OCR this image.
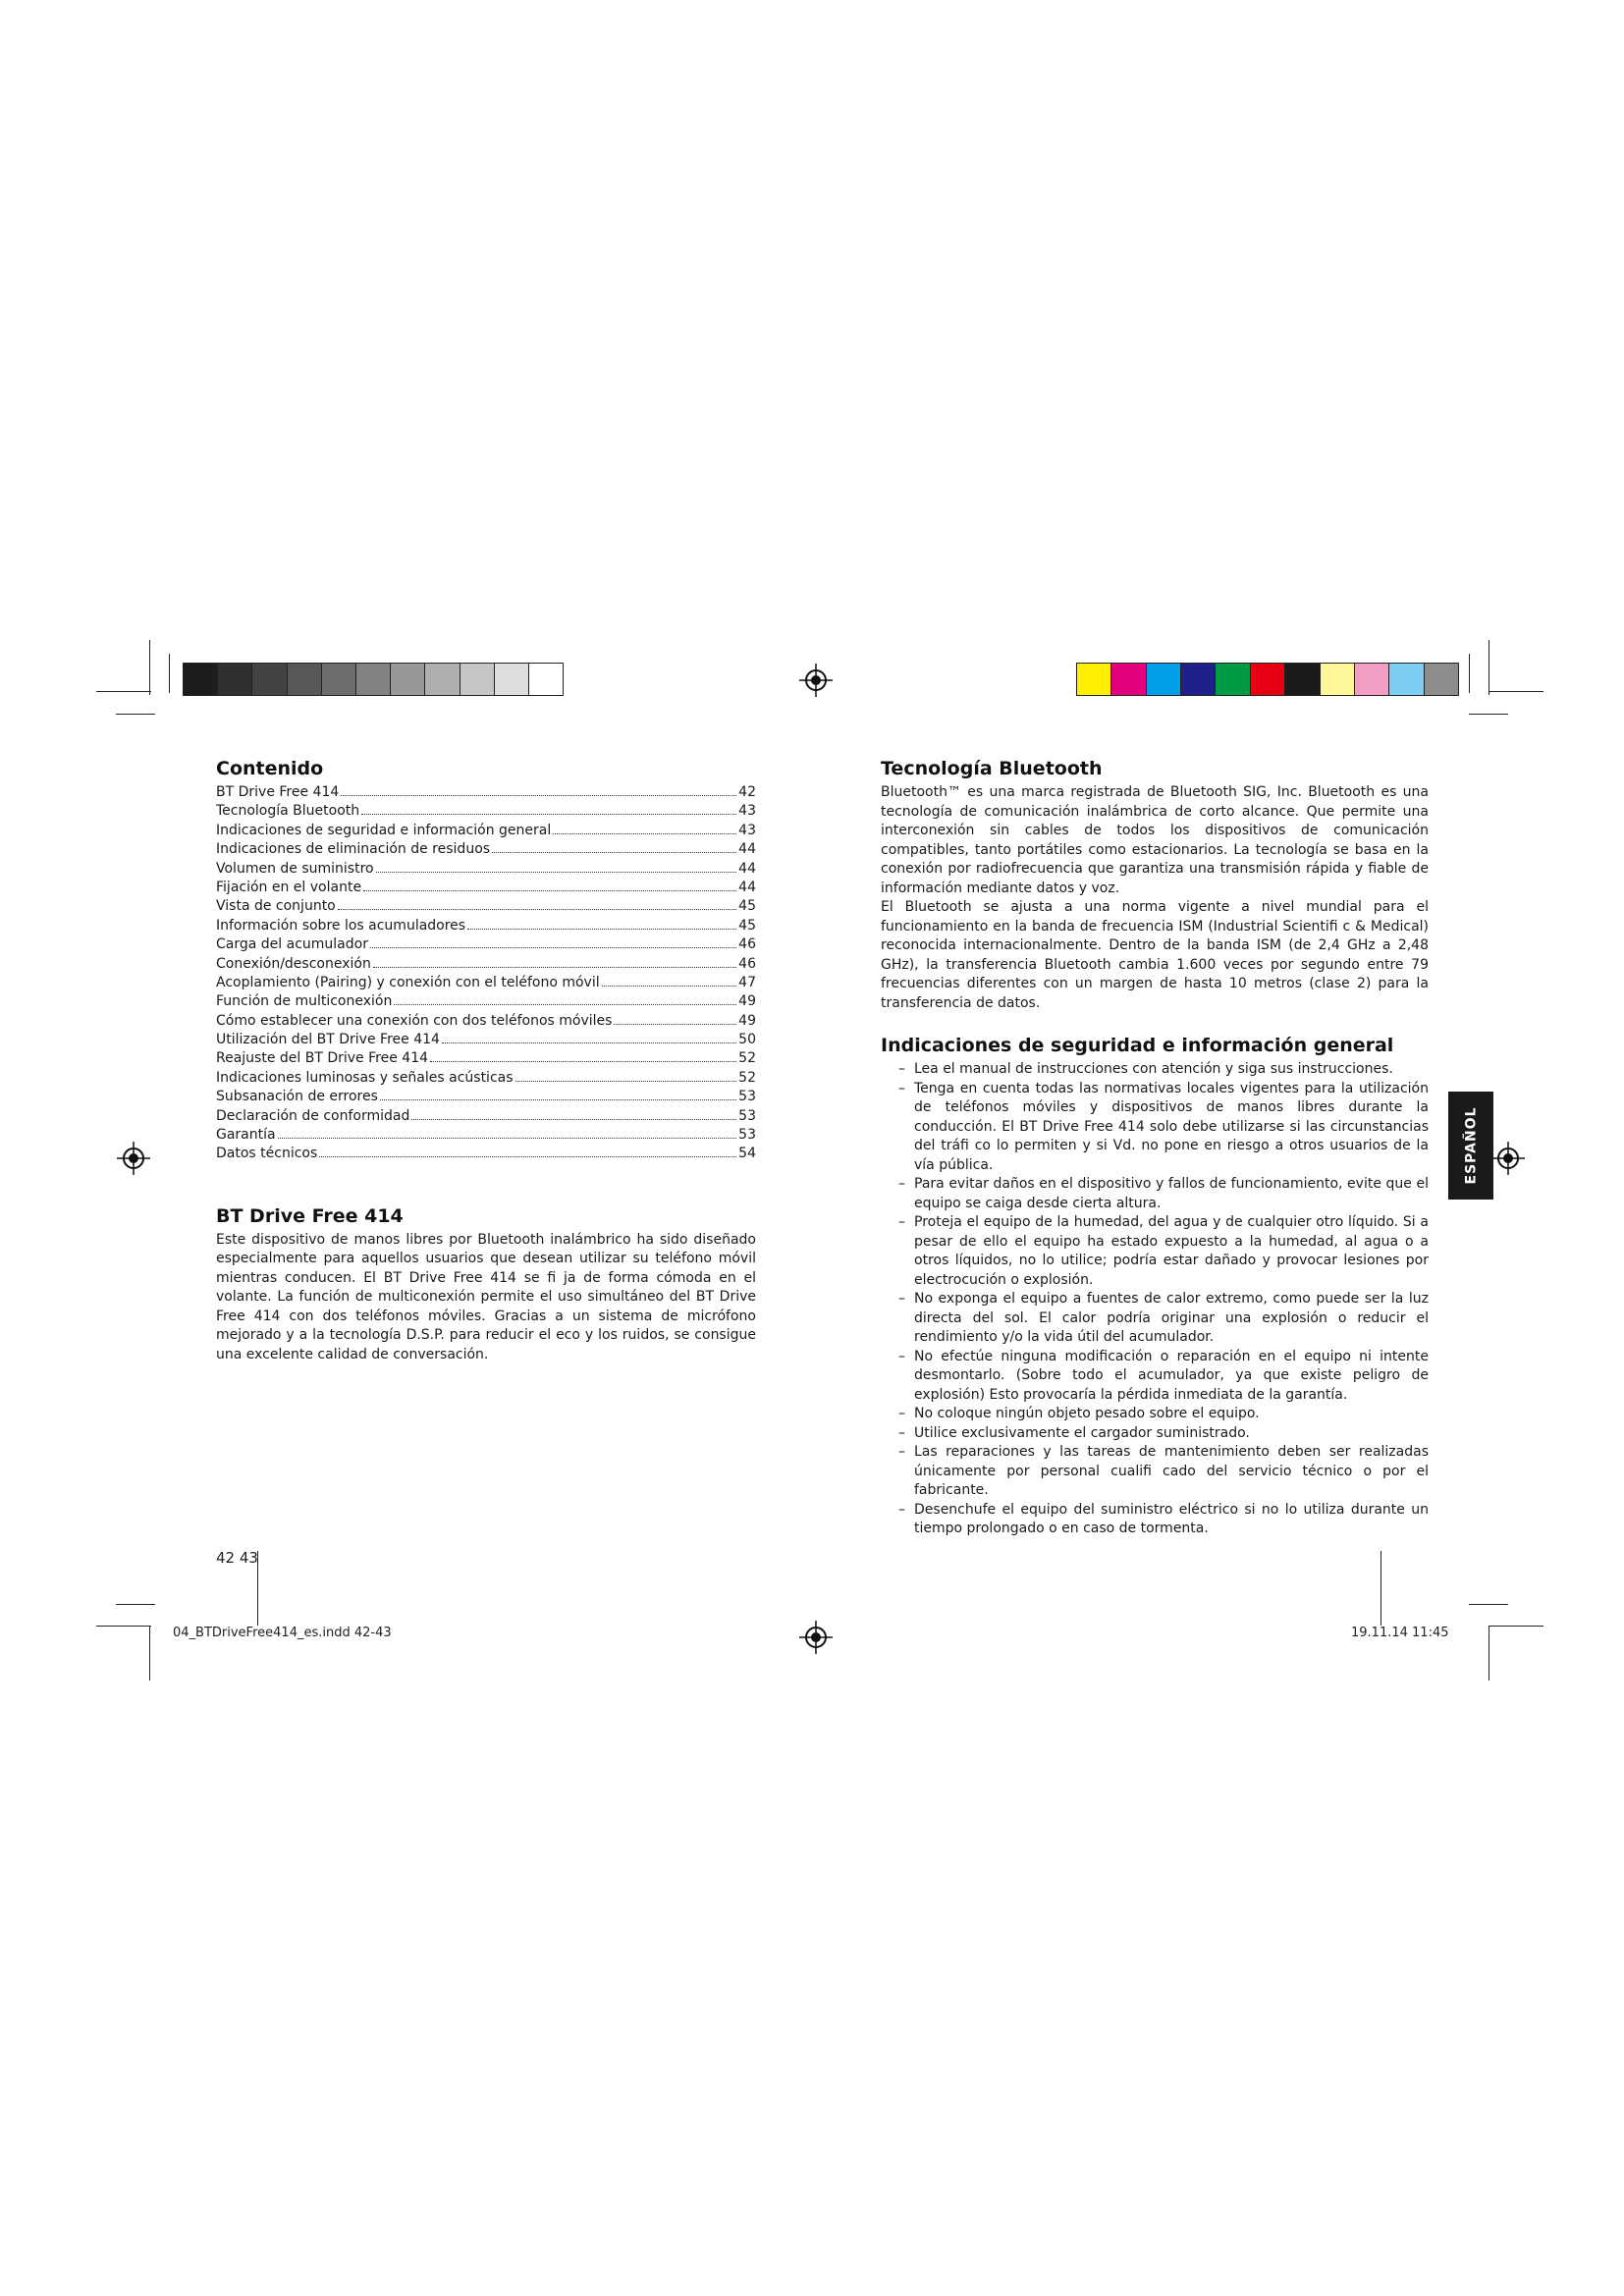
Contenido
BT Drive Free 414	42
Tecnología Bluetooth	43
Indicaciones de seguridad e información general	43
Indicaciones de eliminación de residuos	44
Volumen de suministro	44
Fijación en el volante	44
Vista de conjunto	45
Información sobre los acumuladores	45
Carga del acumulador	46
Conexión/desconexión	46
Acoplamiento (Pairing) y conexión con el teléfono móvil	47
Función de multiconexión	49
Cómo establecer una conexión con dos teléfonos móviles	49
Utilización del BT Drive Free 414	50
Reajuste del BT Drive Free 414	52
Indicaciones luminosas y señales acústicas	52
Subsanación de errores	53
Declaración de conformidad	53
Garantía	53
Datos técnicos	54
BT Drive Free 414

Este dispositivo de manos libres por Bluetooth inalámbrico ha sido diseñado especialmente para aquellos usuarios que desean utilizar su teléfono móvil mientras conducen. El BT Drive Free 414 se fi ja de forma cómoda en el volante. La función de multiconexión permite el uso simultáneo del BT Drive Free 414 con dos teléfonos móviles. Gracias a un sistema de micrófono mejorado y a la tecnología D.S.P. para reducir el eco y los ruidos, se consigue una excelente calidad de conversación.

Tecnología Bluetooth

Bluetooth™ es una marca registrada de Bluetooth SIG, Inc. Bluetooth es una tecnología de comunicación inalámbrica de corto alcance. Que permite una interconexión sin cables de todos los dispositivos de comunicación compatibles, tanto portátiles como estacionarios. La tecnología se basa en la conexión por radiofrecuencia que garantiza una transmisión rápida y fiable de información mediante datos y voz.

El Bluetooth se ajusta a una norma vigente a nivel mundial para el funcionamiento en la banda de frecuencia ISM (Industrial Scientifi c & Medical) reconocida internacionalmente. Dentro de la banda ISM (de 2,4 GHz a 2,48 GHz), la transferencia Bluetooth cambia 1.600 veces por segundo entre 79 frecuencias diferentes con un margen de hasta 10 metros (clase 2) para la transferencia de datos.

Indicaciones de seguridad e información general
– Lea el manual de instrucciones con atención y siga sus instrucciones.
– Tenga en cuenta todas las normativas locales vigentes para la utilización de teléfonos móviles y dispositivos de manos libres durante la conducción. El BT Drive Free 414 solo debe utilizarse si las circunstancias del tráfi co lo permiten y si Vd. no pone en riesgo a otros usuarios de la vía pública.
– Para evitar daños en el dispositivo y fallos de funcionamiento, evite que el equipo se caiga desde cierta altura.
– Proteja el equipo de la humedad, del agua y de cualquier otro líquido. Si a pesar de ello el equipo ha estado expuesto a la humedad, al agua o a otros líquidos, no lo utilice; podría estar dañado y provocar lesiones por electrocución o explosión.
– No exponga el equipo a fuentes de calor extremo, como puede ser la luz directa del sol. El calor podría originar una explosión o reducir el rendimiento y/o la vida útil del acumulador.
– No efectúe ninguna modificación o reparación en el equipo ni intente desmontarlo. (Sobre todo el acumulador, ya que existe peligro de explosión) Esto provocaría la pérdida inmediata de la garantía.
– No coloque ningún objeto pesado sobre el equipo.
– Utilice exclusivamente el cargador suministrado.
– Las reparaciones y las tareas de mantenimiento deben ser realizadas únicamente por personal cualifi cado del servicio técnico o por el fabricante.
– Desenchufe el equipo del suministro eléctrico si no lo utiliza durante un tiempo prolongado o en caso de tormenta.
ESPAÑOL
42 43
04_BTDriveFree414_es.indd 42-43	19.11.14 11:45
